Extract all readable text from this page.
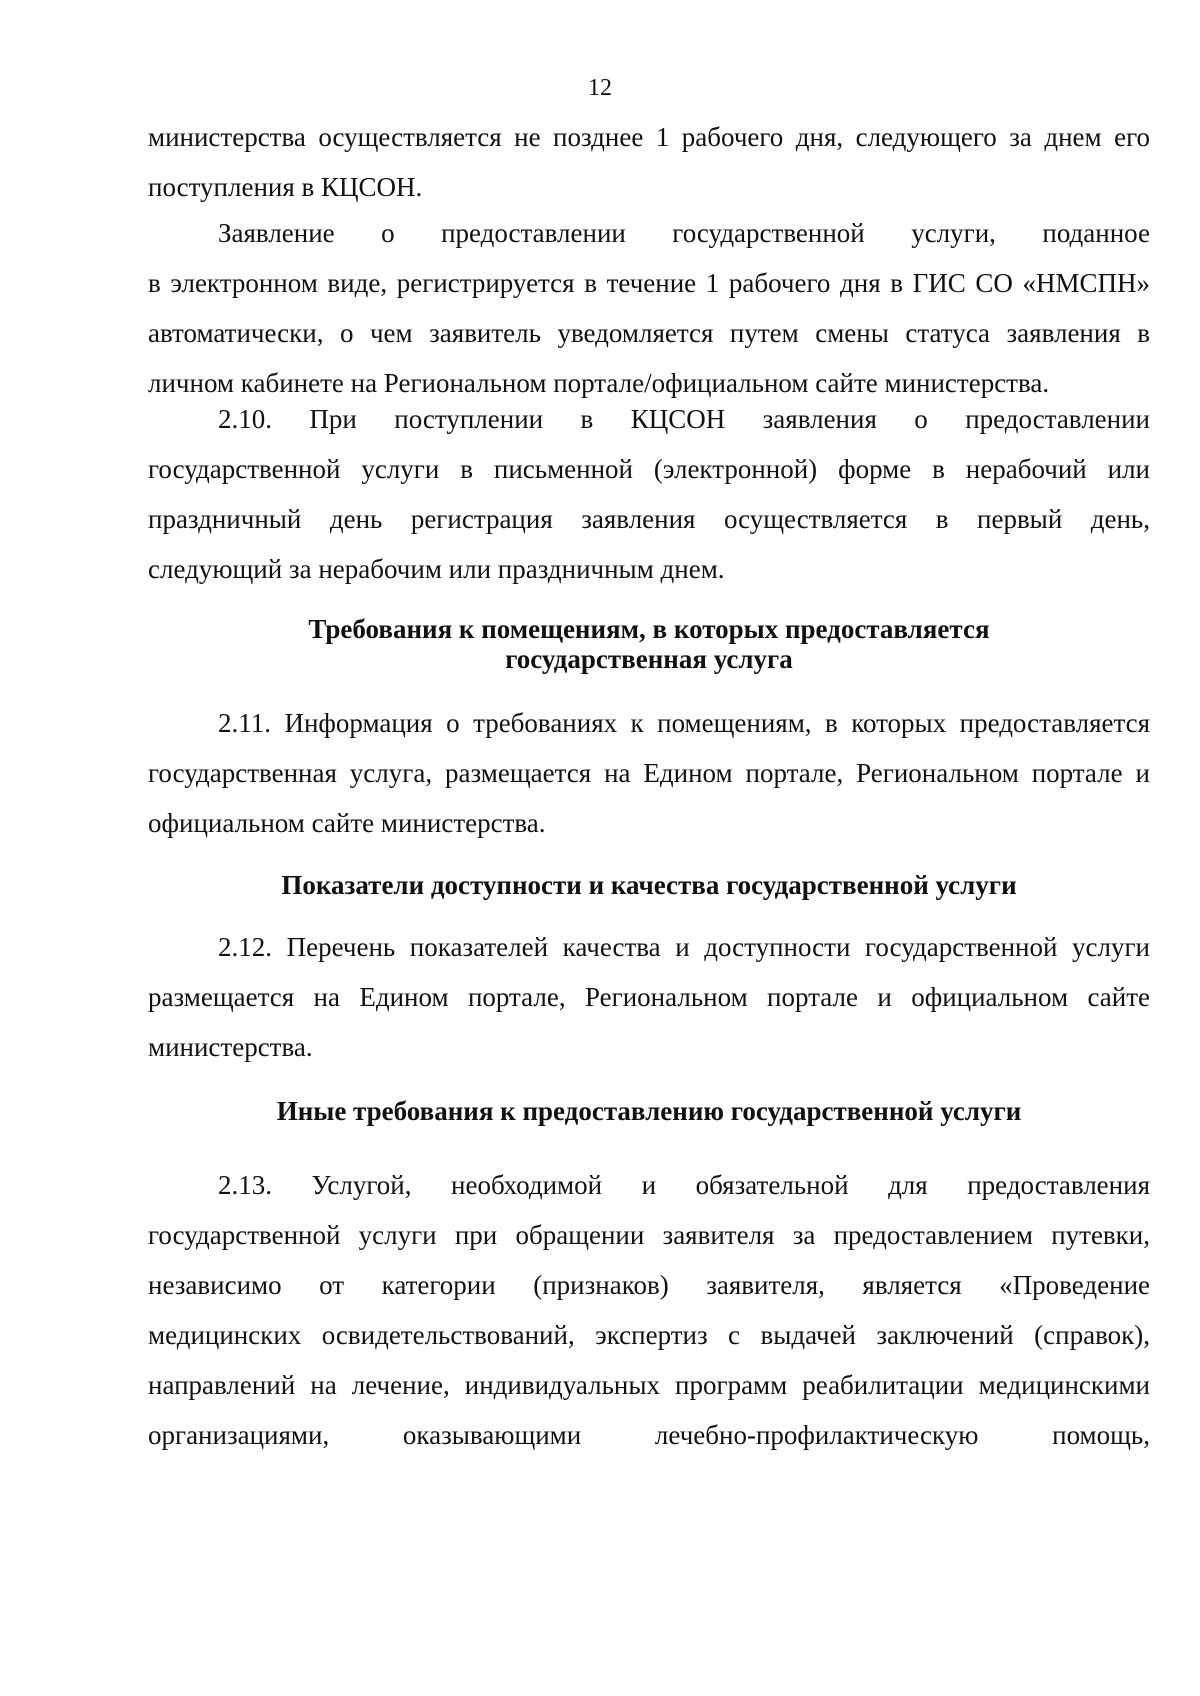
12

министерства осуществляется не позднее 1 рабочего дня, следующего за днем его

поступления в КЦСОН.

Заявление о предоставлении государственной услуги, поданное

в электронном виде, регистрируется в течение 1 рабочего дня в ГИС СО «НМСПН»

автоматически, о чем заявитель уведомляется путем смены статуса заявления в

личном кабинете на Региональном портале/официальном сайте министерства.

2.10. При поступлении в КЦСОН заявления о предоставлении

государственной услуги в письменной (электронной) форме в нерабочий или

праздничный день регистрация заявления осуществляется в первый день,

следующий за нерабочим или праздничным днем.

Требования к помещениям, в которых предоставляется
государственная услуга

2.11. Информация о требованиях к помещениям, в которых предоставляется

государственная услуга, размещается на Едином портале, Региональном портале и

официальном сайте министерства.

Показатели доступности и качества государственной услуги

2.12. Перечень показателей качества и доступности государственной услуги

размещается на Едином портале, Региональном портале и официальном сайте

министерства.

Иные требования к предоставлению государственной услуги

2.13. Услугой, необходимой и обязательной для предоставления

государственной услуги при обращении заявителя за предоставлением путевки,

независимо от категории (признаков) заявителя, является «Проведение

медицинских освидетельствований, экспертиз с выдачей заключений (справок),

направлений на лечение, индивидуальных программ реабилитации медицинскими

организациями, оказывающими лечебно-профилактическую помощь,
